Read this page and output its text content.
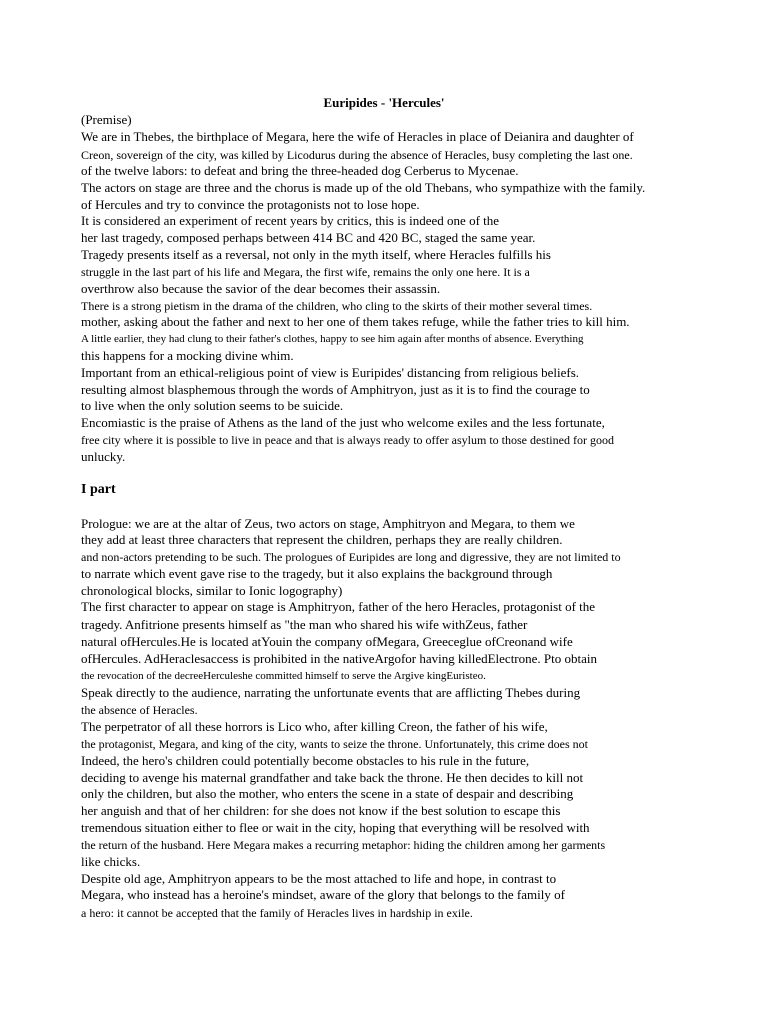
Euripides - 'Hercules'
(Premise)
We are in Thebes, the birthplace of Megara, here the wife of Heracles in place of Deianira and daughter of
Creon, sovereign of the city, was killed by Licodurus during the absence of Heracles, busy completing the last one.
of the twelve labors: to defeat and bring the three-headed dog Cerberus to Mycenae.
The actors on stage are three and the chorus is made up of the old Thebans, who sympathize with the family.
of Hercules and try to convince the protagonists not to lose hope.
It is considered an experiment of recent years by critics, this is indeed one of the
her last tragedy, composed perhaps between 414 BC and 420 BC, staged the same year.
Tragedy presents itself as a reversal, not only in the myth itself, where Heracles fulfills his
struggle in the last part of his life and Megara, the first wife, remains the only one here. It is a
overthrow also because the savior of the dear becomes their assassin.
There is a strong pietism in the drama of the children, who cling to the skirts of their mother several times.
mother, asking about the father and next to her one of them takes refuge, while the father tries to kill him.
A little earlier, they had clung to their father's clothes, happy to see him again after months of absence. Everything
this happens for a mocking divine whim.
Important from an ethical-religious point of view is Euripides' distancing from religious beliefs.
resulting almost blasphemous through the words of Amphitryon, just as it is to find the courage to
to live when the only solution seems to be suicide.
Encomiastic is the praise of Athens as the land of the just who welcome exiles and the less fortunate,
free city where it is possible to live in peace and that is always ready to offer asylum to those destined for good
unlucky.
I part
Prologue: we are at the altar of Zeus, two actors on stage, Amphitryon and Megara, to them we
they add at least three characters that represent the children, perhaps they are really children.
and non-actors pretending to be such. The prologues of Euripides are long and digressive, they are not limited to
to narrate which event gave rise to the tragedy, but it also explains the background through
chronological blocks, similar to Ionic logography)
The first character to appear on stage is Amphitryon, father of the hero Heracles, protagonist of the
tragedy. Anfitrione presents himself as "the man who shared his wife withZeus, father
natural ofHercules.He is located atYouin the company ofMegara, Greeceglue ofCreonand wife
ofHercules. AdHeraclesaccess is prohibited in the nativeArgofor having killedElectrone. Pto obtain
the revocation of the decreeHerculeshe committed himself to serve the Argive kingEuristeo.
Speak directly to the audience, narrating the unfortunate events that are afflicting Thebes during
the absence of Heracles.
The perpetrator of all these horrors is Lico who, after killing Creon, the father of his wife,
the protagonist, Megara, and king of the city, wants to seize the throne. Unfortunately, this crime does not
Indeed, the hero's children could potentially become obstacles to his rule in the future,
deciding to avenge his maternal grandfather and take back the throne. He then decides to kill not
only the children, but also the mother, who enters the scene in a state of despair and describing
her anguish and that of her children: for she does not know if the best solution to escape this
tremendous situation either to flee or wait in the city, hoping that everything will be resolved with
the return of the husband. Here Megara makes a recurring metaphor: hiding the children among her garments
like chicks.
Despite old age, Amphitryon appears to be the most attached to life and hope, in contrast to
Megara, who instead has a heroine's mindset, aware of the glory that belongs to the family of
a hero: it cannot be accepted that the family of Heracles lives in hardship in exile.
